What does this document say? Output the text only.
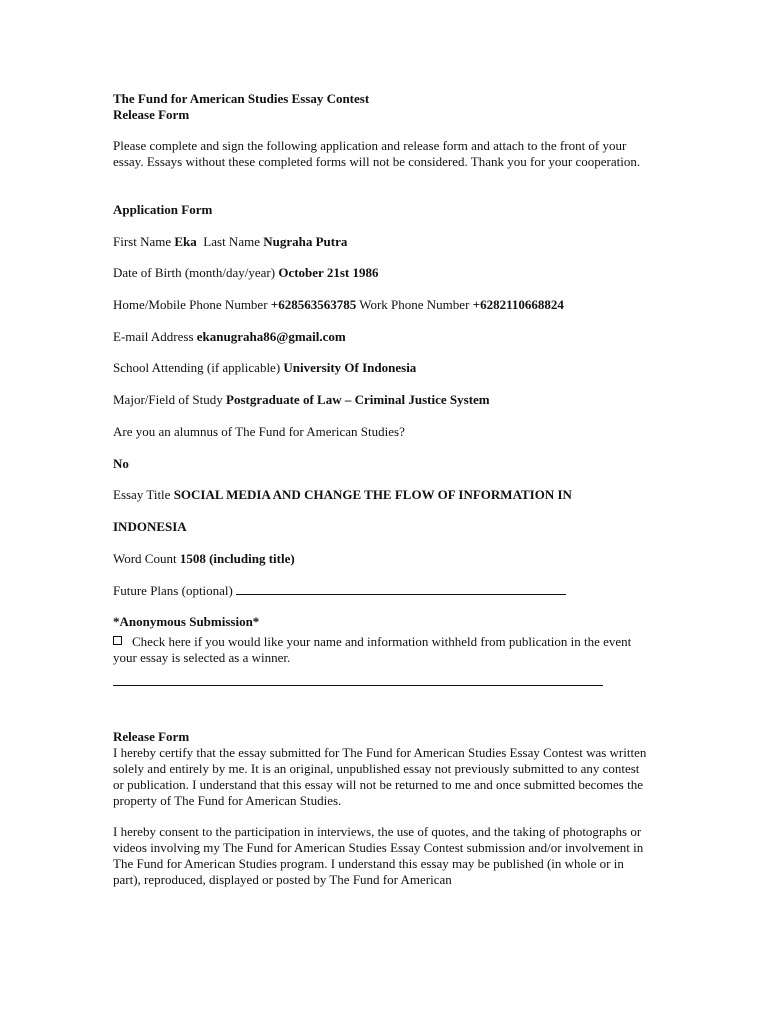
The Fund for American Studies Essay Contest
Release Form
Please complete and sign the following application and release form and attach to the front of your essay. Essays without these completed forms will not be considered. Thank you for your cooperation.
Application Form
First Name Eka Last Name Nugraha Putra
Date of Birth (month/day/year) October 21st 1986
Home/Mobile Phone Number +628563563785 Work Phone Number +6282110668824
E-mail Address ekanugraha86@gmail.com
School Attending (if applicable) University Of Indonesia
Major/Field of Study Postgraduate of Law – Criminal Justice System
Are you an alumnus of The Fund for American Studies?
No
Essay Title SOCIAL MEDIA AND CHANGE THE FLOW OF INFORMATION IN
INDONESIA
Word Count 1508 (including title)
Future Plans (optional)
*Anonymous Submission*
Check here if you would like your name and information withheld from publication in the event your essay is selected as a winner.
Release Form
I hereby certify that the essay submitted for The Fund for American Studies Essay Contest was written solely and entirely by me. It is an original, unpublished essay not previously submitted to any contest or publication. I understand that this essay will not be returned to me and once submitted becomes the property of The Fund for American Studies.
I hereby consent to the participation in interviews, the use of quotes, and the taking of photographs or videos involving my The Fund for American Studies Essay Contest submission and/or involvement in The Fund for American Studies program. I understand this essay may be published (in whole or in part), reproduced, displayed or posted by The Fund for American
